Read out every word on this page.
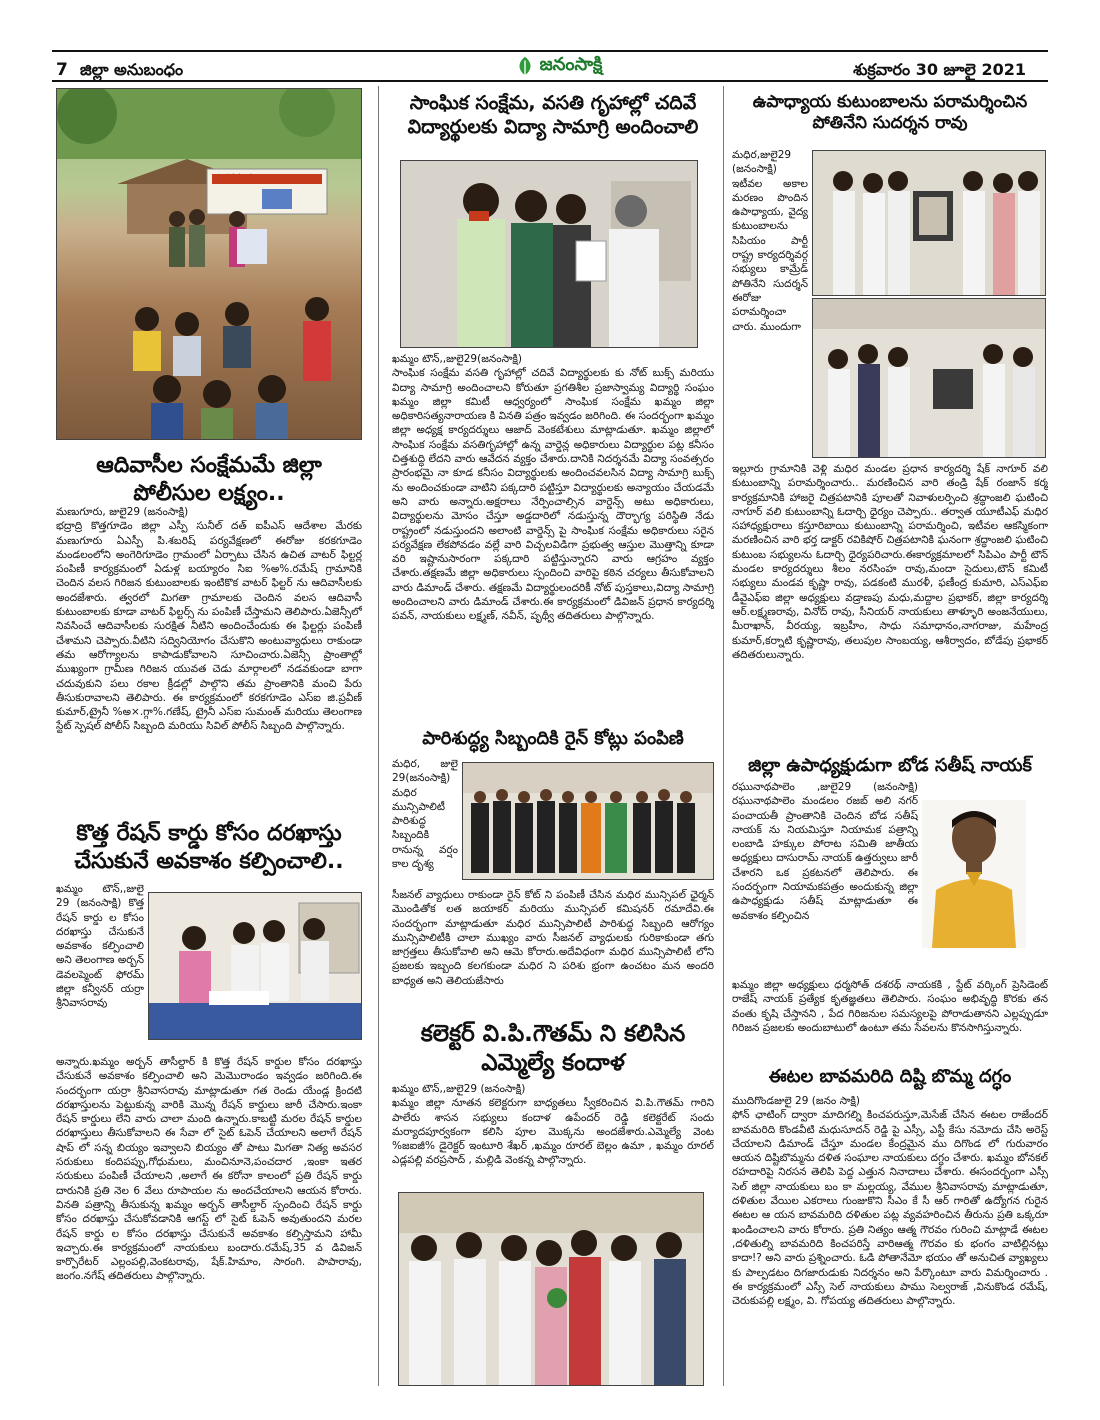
7 జిల్లా అనుబంధం	జనంసాక్షి	శుక్రవారం 30 జూలై 2021
పొందిన ప్రచారం
ఆదివాసీల సంక్షేమమే జిల్లా పోలీసుల లక్ష్యం..
మణుగూరు, జులై29 (జనంసాక్షి)
భద్రాద్రి కొత్తగూడెం జిల్లా ఎస్పీ సునీల్ దత్ ఐపీఎస్ ఆదేశాల మేరకు మణుగూరు ఏఎస్పీ పి.శబరిష్ పర్యవేక్షణలో ఈరోజు కరకగూడెం మండలంలోని అంగెరిగూడెం గ్రామంలో ఏర్పాటు చేసిన ఉచిత వాటర్ ఫిల్టర్ల పంపిణీ కార్యక్రమంలో ఏడుళ్ల బయ్యారం సిఐ %అ%.రమేష్ గ్రామానికి చెందిన వలస గిరిజన కుటుంబాలకు ఇంటికొక వాటర్ ఫిల్టర్ ను ఆదివాసీలకు అందజేశారు. త్వరలో మిగతా గ్రామాలకు చెందిన వలస ఆదివాసీ కుటుంబాలకు కూడా వాటర్ ఫిల్టర్స్ ను పంపిణీ చేస్తామని తెలిపారు.ఏజెన్సీలో నివసించే ఆదివాసీలకు సురక్షిత నీటిని అందించేందుకు ఈ ఫిల్టర్లు పంపిణీ చేశామని చెప్పారు.వీటిని సద్వినియోగం చేసుకొని అంటువ్యాధులు రాకుండా తమ ఆరోగ్యాలను కాపాడుకోవాలని సూచించారు.ఏజెన్సీ ప్రాంతాల్లో ముఖ్యంగా గ్రామీణ గిరిజన యువత చెడు మార్గాలలో నడవకుండా బాగా చదువుకుని పలు రకాల క్రీడల్లో పాల్గొని తమ ప్రాంతానికి మంచి పేరు తీసుకురావాలని తెలిపారు. ఈ కార్యక్రమంలో కరకగూడెం ఎస్ఐ జి.ప్రవీణ్ కుమార్,ట్రైనీ %అ×.గ్గా%.గణేష్, ట్రైనీ ఎస్ఐ సుమంత్ మరియు తెలంగాణ స్టేట్ స్పెషల్ పోలీస్ సిబ్బంది మరియు సివిల్ పోలీస్ సిబ్బంది పాల్గొన్నారు.
కొత్త రేషన్ కార్డు కోసం దరఖాస్తు చేసుకునే అవకాశం కల్పించాలి..
ఖమ్మం టౌన్,,జులై 29 (జనంసాక్షి) కొత్త రేషన్ కార్డు ల కోసం దరఖాస్తు చేసుకునే అవకాశం కల్పించాలి అని తెలంగాణ అర్బన్ డెవలప్మెంట్ ఫోరమ్ జిల్లా కన్వీనర్ యర్రా శ్రీనివాసరావు
అన్నారు.ఖమ్మం అర్బన్ తాసీల్దార్ కి కొత్త రేషన్ కార్డుల కోసం దరఖాస్తు చేసుకునే అవకాశం కల్పించాలి అని మెమొరాండం ఇవ్వడం జరిగింది.ఈ సందర్భంగా యర్రా శ్రీనివాసరావు మాట్లాడుతూ గత రెండు యేండ్ల క్రిందటి దరఖాస్తులను పెట్టుకున్న వారికి మొన్న రేషన్ కార్డులు జారీ చేసారు.ఇంకా రేషన్ కార్డులు లేని వారు చాలా మంది ఉన్నారు.కాబట్టి మరల రేషన్ కార్డుల దరఖాస్తులు తీసుకోవాలని ఈ సేవా లో సైట్ ఓపెన్ చేయాలని అలాగే రేషన్ షాప్ లో సన్న బియ్యం ఇవ్వాలని బియ్యం తో పాటు మిగతా నిత్య అవసర సరుకులు కందిపప్పు,గోధుమలు, మంచినూనె,పంచదార ,ఇంకా ఇతర సరుకులు పంపిణీ చేయాలని ,అలాగే ఈ కరోనా కాలంలో ప్రతి రేషన్ కార్డు దారునికి ప్రతి నెల 6 వేలు రూపాయల ను అందచేయాలని ఆయన కోరారు. వినతి పత్రాన్ని తీసుకున్న ఖమ్మం అర్బన్ తాసీల్దార్ స్పందించి రేషన్ కార్డు కోసం దరఖాస్తు చేసుకోవడానికి ఆగస్ట్ లో సైట్ ఓపెన్ అవుతుందని మరల రేషన్ కార్డు ల కోసం దరఖాస్తు చేసుకునే అవకాశం కల్పిస్తామని హామీ ఇచ్చారు.ఈ కార్యక్రమంలో నాయకులు బందారు.రమేష్,35 వ డివిజన్ కార్పొరేటర్ ఎల్లంపల్లి,వెంకటరావు, షేక్.హిమాం, సారంగి. పాపారావు, జంగం.నగేష్ తదితరులు పాల్గొన్నారు.
సాంఘిక సంక్షేమ, వసతి గృహాల్లో చదివే విద్యార్థులకు విద్యా సామాగ్రి అందించాలి
ఖమ్మం టౌన్,,జులై29(జనంసాక్షి)
సాంఘిక సంక్షేమ వసతి గృహాల్లో చదివే విద్యార్థులకు కు నోట్ బుక్స్ మరియు విద్యా సామాగ్రి అందించాలని కోరుతూ ప్రగతిశీల ప్రజాస్వామ్య విద్యార్థి సంఘం ఖమ్మం జిల్లా కమిటీ ఆధ్వర్యంలో సాంఘిక సంక్షేమ ఖమ్మం జిల్లా అధికారిసత్యనారాయణ కి వినతి పత్రం ఇవ్వడం జరిగింది. ఈ సందర్భంగా ఖమ్మం జిల్లా అధ్యక్ష కార్యదర్శులు ఆజాద్ వెంకటేశులు మాట్లాడుతూ. ఖమ్మం జిల్లాలో సాంఘిక సంక్షేమ వసతిగృహాల్లో ఉన్న వార్డెన్ల అధికారులు విద్యార్థుల పట్ల కనీసం చిత్తశుద్ధి లేదని వారు ఆవేదన వ్యక్తం చేశారు.దానికి నిదర్శనమే విద్యా సంవత్సరం ప్రారంభమై నా కూడ కనీసం విద్యార్థులకు అందించవలసిన విద్యా సామాగ్రి బుక్స్ ను అందించకుండా వాటిని పక్కదారి పట్టిస్తూ విద్యార్థులకు అన్యాయం చేయడమే అని వారు అన్నారు.అక్షరాలు నేర్పించాల్సిన వార్డెన్స్ అటు అధికారులు, విద్యార్థులను మోసం చేస్తూ అడ్డదారిలో నడుస్తున్న దౌర్భాగ్య పరిస్థితి నేడు రాష్ట్రంలో నడుస్తుందని అలాంటి వార్డెన్స్ పై సాంఘిక సంక్షేమ అధికారులు సరైన పర్యవేక్షణ లేకపోవడం వల్లే వారి విచ్చలవిడిగా ప్రభుత్వ ఆస్తుల మొత్తాన్ని కూడా వరి ఇష్టానుసారంగా పక్కదారి పట్టిస్తున్నారని వారు ఆగ్రహం వ్యక్తం చేశారు.తక్షణమే జిల్లా అధికారులు స్పందించి వారిపై కఠిన చర్యలు తీసుకోవాలని వారు డిమాండ్ చేశారు. తక్షణమే విద్యార్థులందరికీ నోట్ పుస్తకాలు,విద్యా సామాగ్రి అందించాలని వారు డిమాండ్ చేశారు.ఈ కార్యక్రమంలో డివిజన్ ప్రధాన కార్యదర్శి పవన్, నాయకులు లక్ష్మణ్, నవీన్, పృథ్వీ తదితరులు పాల్గొన్నారు.
పారిశుద్ధ్య సిబ్బందికి రైన్ కోట్లు పంపిణి
మధిర, జులై 29(జనంసాక్షి) మధిర మున్సిపాలిటీ పారిశుద్ధ సిబ్బందికి రానున్న వర్షం కాల దృశ్య
సీజనల్ వ్యాధులు రాకుండా రైన్ కోట్ ని పంపిణీ చేసిన మధిర మున్సిపల్ ఛైర్మన్ మొండితోక లత జయాకర్ మరియు మున్సిపల్ కమిషనర్ రమాదేవి.ఈ సందర్భంగా మాట్లాడుతూ మధిర మున్సిపాలిటీ పారిశుద్ధ సిబ్బంది ఆరోగ్యం మున్సిపాలిటీకి చాలా ముఖ్యం వారు సీజనల్ వ్యాధులకు గురికాకుండా తగు జాగ్రత్తలు తీసుకోవాలి అని ఆమె కోరారు.అదేవిధంగా మధిర మున్సిపాలిటీ లోని ప్రజలకు ఇబ్బంది కలగకుండా మధిర ని పరిశు భ్రంగా ఉంచటం మన అందరి బాధ్యత అని తెలియజేసారు
కలెక్టర్ వి.పి.గౌతమ్ ని కలిసిన ఎమ్మెల్యే కందాళ
ఖమ్మం టౌన్,,జులై29 (జనంసాక్షి)
ఖమ్మం జిల్లా నూతన కలెక్టరుగా బాధ్యతలు స్వీకరించిన వి.పి.గౌతమ్ గారిని పాలేరు శాసన సభ్యులు కందాళ ఉపేందర్ రెడ్డి కలెక్టరేట్ సందు మర్యాదపూర్వకంగా కలిసి పూల మొక్కను అందజేశారు.ఎమ్మెల్యే వెంట %జఐజీ% డైరెక్టర్ ఇంటూరి శేఖర్ ,ఖమ్మం రూరల్ బెల్లం ఉమా , ఖమ్మం రూరల్ ఎడ్లపల్లి వరప్రసాద్ , మల్లిడి వెంకన్న పాల్గొన్నారు.
ఉపాధ్యాయ కుటుంబాలను పరామర్శించిన పోతినేని సుదర్శన రావు
మధిర,జులై29 (జనంసాక్షి) ఇటీవల అకాల మరణం పొందిన ఉపాధ్యాయ, వైద్య కుటుంబాలను సిపియం పార్టీ రాష్ట్ర కార్యదర్శివర్గ సభ్యులు కామ్రేడ్ పోతినేని సుదర్శన్ ఈరోజు పరామర్శించా చారు. ముందుగా
ఇల్లూరు గ్రామానికి వెళ్లి మధిర మండల ప్రధాన కార్యదర్శి షేక్ నాగూర్ వలి కుటుంబాన్ని పరామర్శించారు.. మరణించిన వారి తండ్రి షేక్ రంజాన్ కర్మ కార్యక్రమానికి హాజరై చిత్రపటానికి పూలతో నివాళులర్పించి శ్రద్ధాంజలి ఘటించి నాగూర్ వలి కుటుంబాన్ని ఓదార్చి ధైర్యం చెప్పారు.. తర్వాత యూటీఎఫ్ మధిర సహాధ్యక్షురాలు కస్తూరిబాయి కుటుంబాన్ని పరామర్శించి, ఇటీవల ఆకస్మికంగా మరణించిన వారి భర్త డాక్టర్ రవికిషోర్ చిత్రపటానికి ఘనంగా శ్రద్ధాంజలి ఘటించి కుటుంబ సభ్యులను ఓదార్చి ధైర్యపరిచారు.ఈకార్యక్రమాలలో సిపిఎం పార్టీ టౌన్ మండల కార్యదర్శులు శీలం నరసింహ రావు,మందా సైదులు,టౌన్ కమిటీ సభ్యులు మండవ కృష్ణా రావు, పడకంటి మురళీ, ఫణీంద్ర కుమారి, ఎస్ఎఫ్ఐ డీవైఎఫ్ఐ జిల్లా అధ్యక్షులు వడ్రాణపు మధు,మద్దాల ప్రభాకర్, జిల్లా కార్యదర్శి ఆర్.లక్ష్మణరావు, వినోద్ రావు, సీనియర్ నాయకులు తాళ్ళూరి అంజనేయులు, మీరాఖాన్, వీరయ్య, ఇబ్రహీం, సాధు సమాధానం,నాగరాజు, మహేంద్ర కుమార్,కర్నాటి కృష్ణారావు, తలుపుల సాంబయ్య, ఆశీర్వాదం, బోడేపు ప్రభాకర్ తదితరులున్నారు.
జిల్లా ఉపాధ్యక్షుడుగా బోడ సతీష్ నాయక్
రఘునాథపాలెం ,జులై29 (జనంసాక్షి) రఘునాథపాలెం మండలం రజబ్ అలి నగర్ పంచాయతీ ప్రాంతానికి చెందిన బోడ సతీష్ నాయక్ ను నియమిస్తూ నియామక పత్రాన్ని లంబాడి హక్కుల పోరాట సమితి జాతీయ అధ్యక్షులు దాసురామ్ నాయక్ ఉత్తర్వులు జారీ చేశారని ఒక ప్రకటనలో తెలిపారు. ఈ సందర్భంగా నియామకపత్రం అందుకున్న జిల్లా ఉపాధ్యక్షుడు సతీష్ మాట్లాడుతూ ఈ అవకాశం కల్పించిన
ఖమ్మం జిల్లా అధ్యక్షులు ధర్మసోత్ దశరథ్ నాయకకి , స్టేట్ వర్కింగ్ ప్రెసిడెంట్ రాజేష్ నాయక్ ప్రత్యేక కృతజ్ఞతలు తెలిపారు. సంఘం అభివృద్ధి కొరకు తన వంతు కృషి చేస్తానని , పేద గిరిజనుల సమస్యలపై పోరాడుతానని ఎల్లప్పుడూ గిరిజన ప్రజలకు అందుబాటులో ఉంటూ తమ సేవలను కొనసాగిస్తున్నారు.
ఈటల బావమరిది దిష్టి బొమ్మ దగ్ధం
ముదిగొండజులై 29 (జనం సాక్షి)
ఫోన్ ఛాటింగ్ ద్వారా మాదిగల్ని కించపరుస్తూ,మెసేజ్ చేసిన ఈటల రాజేందర్ బావమరిది కొండవీటి మధుసూదన్ రెడ్డి పై ఎస్సీ, ఎస్టీ కేసు నమోదు చేసి అరెస్ట్ చేయాలని డిమాండ్ చేస్తూ మండల కేంద్రమైన ము దిగొండ లో గురువారం ఆయన దిష్టిబొమ్మను దళిత సంఘాల నాయకులు దగ్ధం చేశారు. ఖమ్మం బోనకల్ రహదారిపై నిరసన తెలిపి పెద్ద ఎత్తున నినాదాలు చేశారు. ఈసందర్భంగా ఎస్సీ సెల్ జిల్లా నాయకులు బం కా మల్లయ్య, వేముల శ్రీనివాసరావు మాట్లాడుతూ, దళితుల వేయిల ఎకరాలు గుంజుకొని సీఎం కే సీ ఆర్ గారితో ఉద్యోగన గురైన ఈటల ఆ యన బావమరిది దళితుల పట్ల వ్యవహరించిన తీరును ప్రతి ఒక్కరూ ఖండించాలని వారు కోరారు. ప్రతి నిత్యం ఆత్మ గౌరవం గురించి మాట్లాడే ఈటల ,దళితుల్ని బావమరిది కించపరిస్తే వారిఆత్మ గౌరవం కు భంగం వాటిల్లినట్లు కాదా!? అని వారు ప్రశ్నించారు. ఓడి పోతానేమో భయం తో అనుచిత వ్యాఖ్యలు కు పాల్పడటం దిగజారుడుకు నిదర్శనం అని పేర్కొంటూ వారు విమర్శించారు . ఈ కార్యక్రమంలో ఎస్సీ సెల్ నాయకులు పాము సెల్వరాజ్ ,వినుకొండ రమేష్, చెరుకుపల్లి లక్ష్మం, వి. గోపయ్య తదితరులు పాల్గొన్నారు.
